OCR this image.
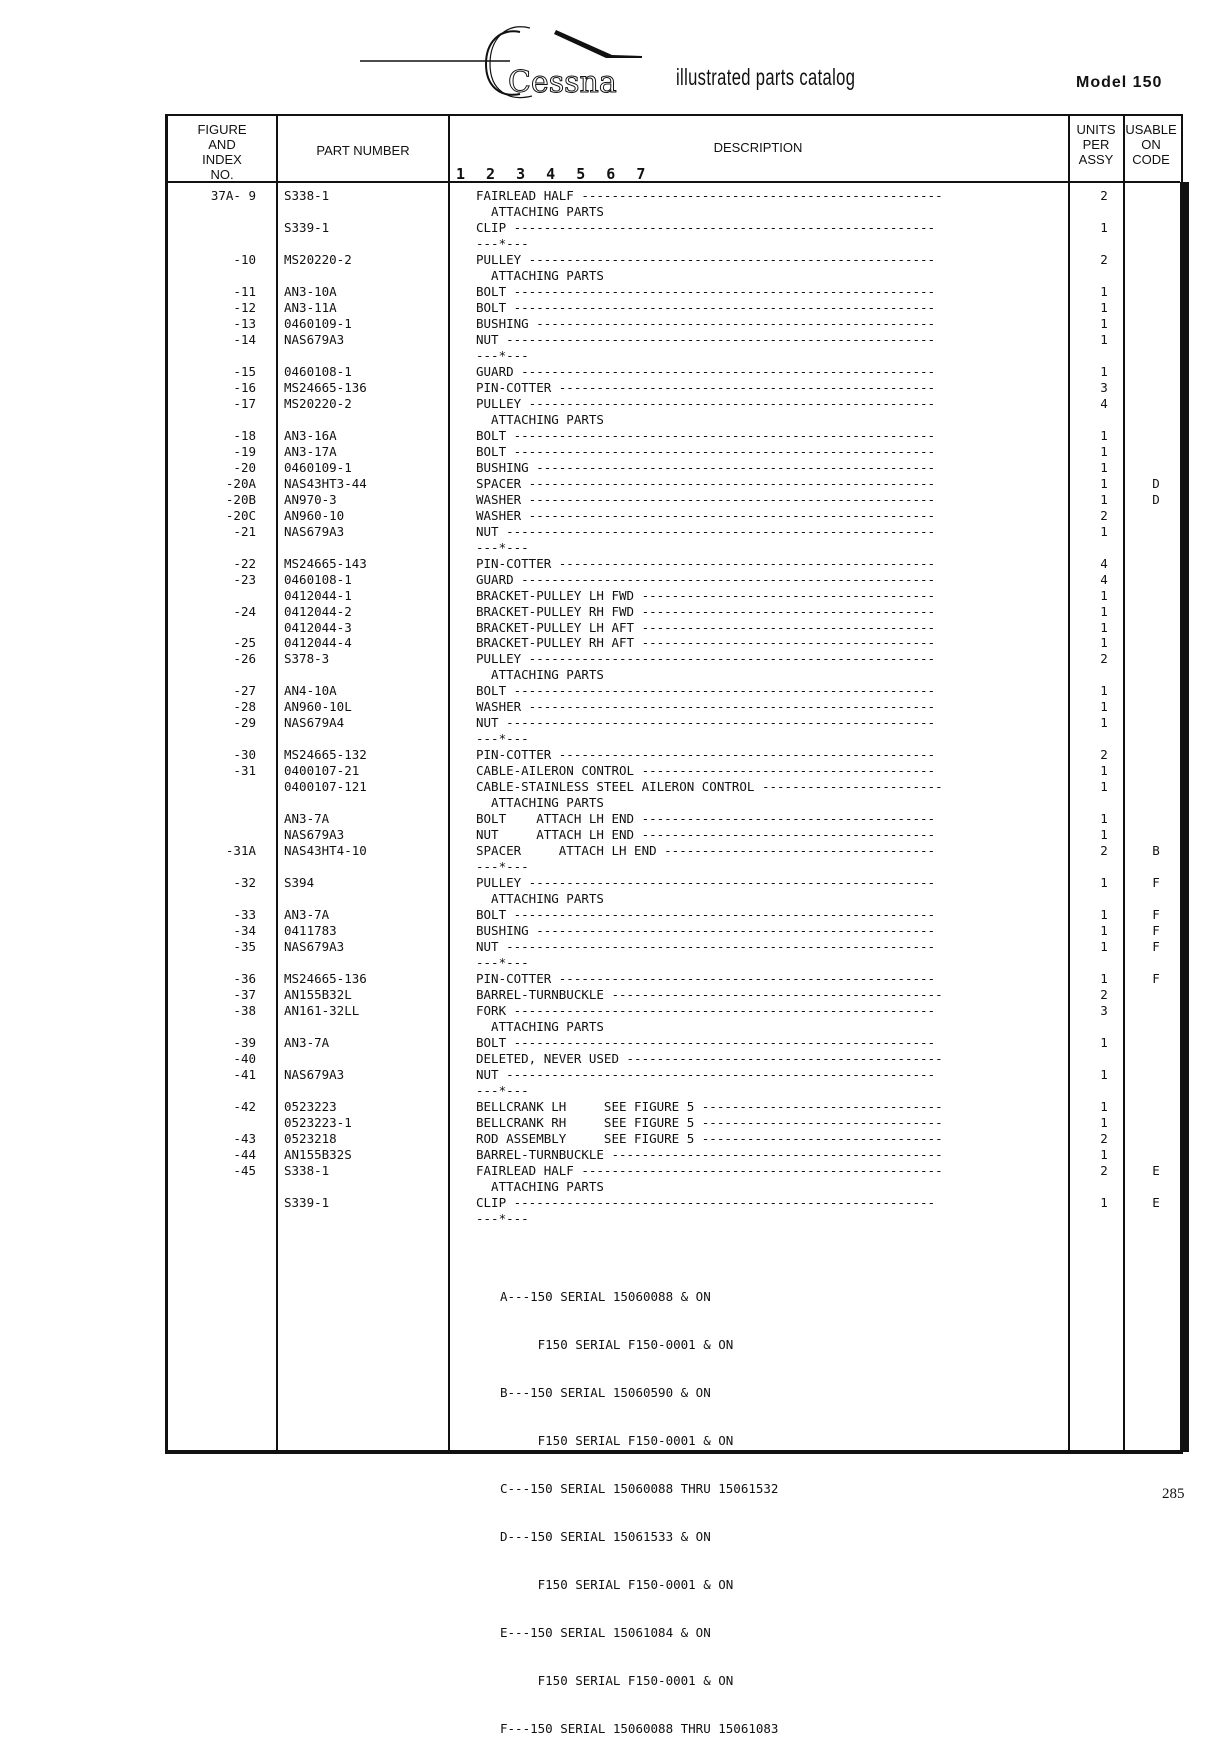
Cessna	illustrated parts catalog	Model 150
FIGURE
AND
INDEX
NO.
PART NUMBER	DESCRIPTION
1 2 3 4 5 6 7
UNITS
PER
ASSY
USABLE
ON
CODE
37A- 9 S338-1	FAIRLEAD HALF ------------------------------------------------	2
ATTACHING PARTS
S339-1	CLIP --------------------------------------------------------	1
---*---
-10 MS20220-2	PULLEY ------------------------------------------------------	2
ATTACHING PARTS
-11 AN3-10A	BOLT --------------------------------------------------------	1
-12 AN3-11A	BOLT --------------------------------------------------------	1
-13 0460109-1	BUSHING -----------------------------------------------------	1
-14 NAS679A3	NUT ---------------------------------------------------------	1
---*---
-15 0460108-1	GUARD -------------------------------------------------------	1
-16 MS24665-136	PIN-COTTER --------------------------------------------------	3
-17 MS20220-2	PULLEY ------------------------------------------------------	4
ATTACHING PARTS
-18 AN3-16A	BOLT --------------------------------------------------------	1
-19 AN3-17A	BOLT --------------------------------------------------------	1
-20 0460109-1	BUSHING -----------------------------------------------------	1
-20A NAS43HT3-44	SPACER ------------------------------------------------------	1	D
-20B AN970-3	WASHER ------------------------------------------------------	1	D
-20C AN960-10	WASHER ------------------------------------------------------	2
-21 NAS679A3	NUT ---------------------------------------------------------	1
---*---
-22 MS24665-143	PIN-COTTER --------------------------------------------------	4
-23 0460108-1	GUARD -------------------------------------------------------	4
0412044-1	BRACKET-PULLEY LH FWD ---------------------------------------	1
-24 0412044-2	BRACKET-PULLEY RH FWD ---------------------------------------	1
0412044-3	BRACKET-PULLEY LH AFT ---------------------------------------	1
-25 0412044-4	BRACKET-PULLEY RH AFT ---------------------------------------	1
-26 S378-3	PULLEY ------------------------------------------------------	2
ATTACHING PARTS
-27 AN4-10A	BOLT --------------------------------------------------------	1
-28 AN960-10L	WASHER ------------------------------------------------------	1
-29 NAS679A4	NUT ---------------------------------------------------------	1
---*---
-30 MS24665-132	PIN-COTTER --------------------------------------------------	2
-31 0400107-21	CABLE-AILERON CONTROL ---------------------------------------	1
0400107-121	CABLE-STAINLESS STEEL AILERON CONTROL ------------------------	1
ATTACHING PARTS
AN3-7A	BOLT    ATTACH LH END ---------------------------------------	1
NAS679A3	NUT     ATTACH LH END ---------------------------------------	1
-31A NAS43HT4-10	SPACER     ATTACH LH END ------------------------------------	2	B
---*---
-32 S394	PULLEY ------------------------------------------------------	1	F
ATTACHING PARTS
-33 AN3-7A	BOLT --------------------------------------------------------	1	F
-34 0411783	BUSHING -----------------------------------------------------	1	F
-35 NAS679A3	NUT ---------------------------------------------------------	1	F
---*---
-36 MS24665-136	PIN-COTTER --------------------------------------------------	1	F
-37 AN155B32L	BARREL-TURNBUCKLE --------------------------------------------	2
-38 AN161-32LL	FORK --------------------------------------------------------	3
ATTACHING PARTS
-39 AN3-7A	BOLT --------------------------------------------------------	1
-40	DELETED, NEVER USED ------------------------------------------
-41 NAS679A3	NUT ---------------------------------------------------------	1
---*---
-42 0523223	BELLCRANK LH     SEE FIGURE 5 --------------------------------	1
0523223-1	BELLCRANK RH     SEE FIGURE 5 --------------------------------	1
-43 0523218	ROD ASSEMBLY     SEE FIGURE 5 --------------------------------	2
-44 AN155B32S	BARREL-TURNBUCKLE --------------------------------------------	1
-45 S338-1	FAIRLEAD HALF ------------------------------------------------	2	E
ATTACHING PARTS
S339-1	CLIP --------------------------------------------------------	1	E
---*---

A---150 SERIAL 15060088 & ON

F150 SERIAL F150-0001 & ON

B---150 SERIAL 15060590 & ON

F150 SERIAL F150-0001 & ON

C---150 SERIAL 15060088 THRU 15061532

D---150 SERIAL 15061533 & ON

F150 SERIAL F150-0001 & ON

E---150 SERIAL 15061084 & ON

F150 SERIAL F150-0001 & ON

F---150 SERIAL 15060088 THRU 15061083

285
